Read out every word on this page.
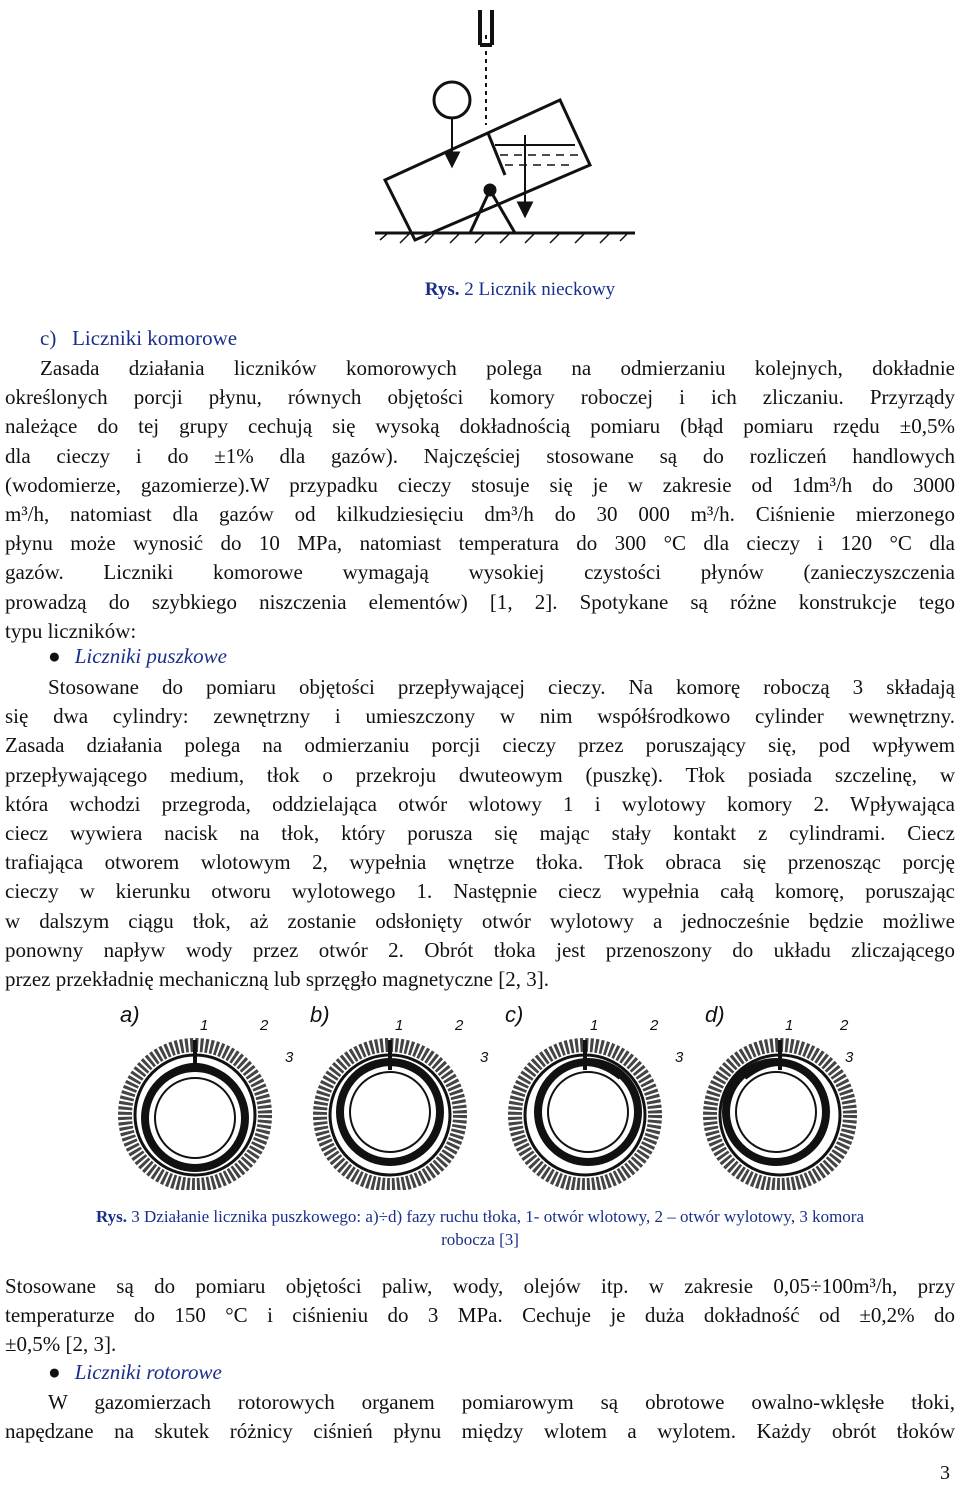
Rys. 2 Licznik nieckowy
c) Liczniki komorowe
Zasada działania liczników komorowych polega na odmierzaniu kolejnych, dokładnie
określonych porcji płynu, równych objętości komory roboczej i ich zliczaniu. Przyrządy
należące do tej grupy cechują się wysoką dokładnością pomiaru (błąd pomiaru rzędu ±0,5%
dla cieczy i do ±1% dla gazów). Najczęściej stosowane są do rozliczeń handlowych
(wodomierze, gazomierze).W przypadku cieczy stosuje się je w zakresie od 1dm³/h do 3000
m³/h, natomiast dla gazów od kilkudziesięciu dm³/h do 30 000 m³/h. Ciśnienie mierzonego
płynu może wynosić do 10 MPa, natomiast temperatura do 300 °C dla cieczy i 120 °C dla
gazów. Liczniki komorowe wymagają wysokiej czystości płynów (zanieczyszczenia
prowadzą do szybkiego niszczenia elementów) [1, 2]. Spotykane są różne konstrukcje tego
typu liczników:
● Liczniki puszkowe
Stosowane do pomiaru objętości przepływającej cieczy. Na komorę roboczą 3 składają
się dwa cylindry: zewnętrzny i umieszczony w nim współśrodkowo cylinder wewnętrzny.
Zasada działania polega na odmierzaniu porcji cieczy przez poruszający się, pod wpływem
przepływającego medium, tłok o przekroju dwuteowym (puszkę). Tłok posiada szczelinę, w
która wchodzi przegroda, oddzielająca otwór wlotowy 1 i wylotowy komory 2. Wpływająca
ciecz wywiera nacisk na tłok, który porusza się mając stały kontakt z cylindrami. Ciecz
trafiająca otworem wlotowym 2, wypełnia wnętrze tłoka. Tłok obraca się przenosząc porcję
cieczy w kierunku otworu wylotowego 1. Następnie ciecz wypełnia całą komorę, poruszając
w dalszym ciągu tłok, aż zostanie odsłonięty otwór wylotowy a jednocześnie będzie możliwe
ponowny napływ wody przez otwór 2. Obrót tłoka jest przenoszony do układu zliczającego
przez przekładnię mechaniczną lub sprzęgło magnetyczne [2, 3].
a)	b)	c)	d)
1	2
3
1	2
3
1	2
3
1	2
3
Rys. 3 Działanie licznika puszkowego: a)÷d) fazy ruchu tłoka, 1- otwór wlotowy, 2 – otwór wylotowy, 3 komora
robocza [3]
Stosowane są do pomiaru objętości paliw, wody, olejów itp. w zakresie 0,05÷100m³/h, przy
temperaturze do 150 °C i ciśnieniu do 3 MPa. Cechuje je duża dokładność od ±0,2% do
±0,5% [2, 3].
● Liczniki rotorowe
W gazomierzach rotorowych organem pomiarowym są obrotowe owalno-wklęsłe tłoki,
napędzane na skutek różnicy ciśnień płynu między wlotem a wylotem. Każdy obrót tłoków
3
